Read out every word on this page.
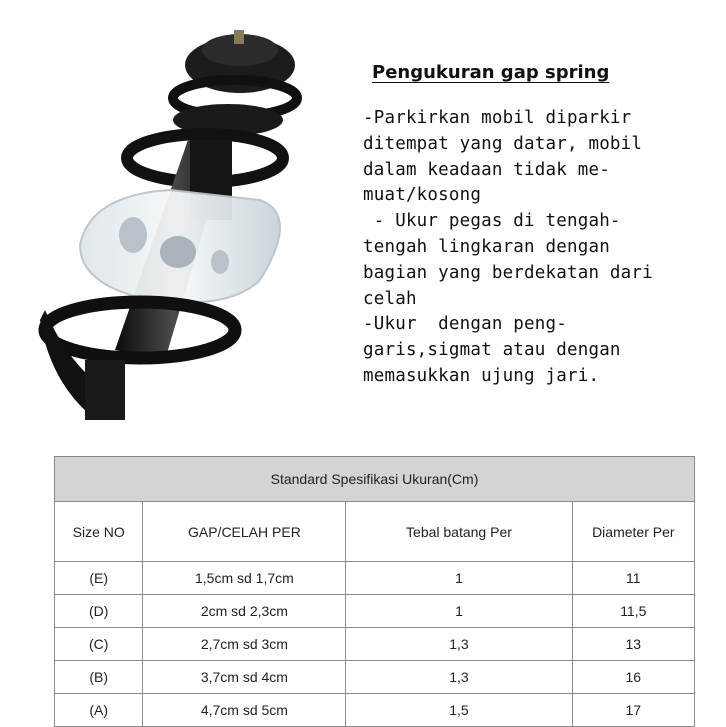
Pengukuran gap spring
-Parkirkan mobil diparkir
ditempat yang datar, mobil
dalam keadaan tidak me-
muat/kosong
- Ukur pegas di tengah-
tengah lingkaran dengan
bagian yang berdekatan dari
celah
-Ukur  dengan peng-
garis,sigmat atau dengan
memasukkan ujung jari.
Standard Spesifikasi Ukuran(Cm)			
Size NO	GAP/CELAH PER	Tebal batang Per	Diameter Per
(E)	1,5cm sd 1,7cm	1	11
(D)	2cm sd 2,3cm	1	11,5
(C)	2,7cm sd 3cm	1,3	13
(B)	3,7cm sd 4cm	1,3	16
(A)	4,7cm sd 5cm	1,5	17
